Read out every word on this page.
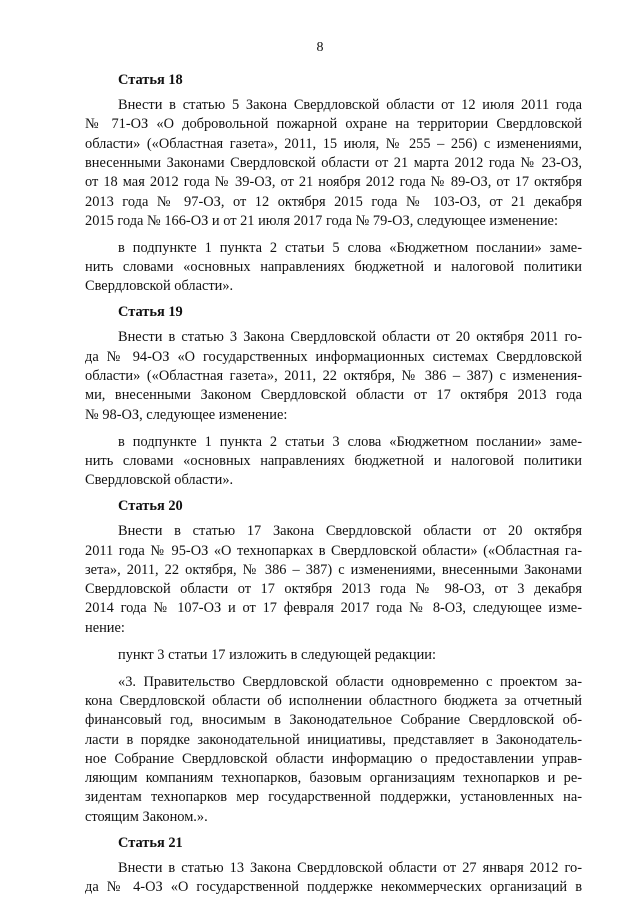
8
Статья 18
Внести в статью 5 Закона Свердловской области от 12 июля 2011 года
№ 71-ОЗ «О добровольной пожарной охране на территории Свердловской
области» («Областная газета», 2011, 15 июля, № 255 – 256) с изменениями,
внесенными Законами Свердловской области от 21 марта 2012 года № 23-ОЗ,
от 18 мая 2012 года № 39-ОЗ, от 21 ноября 2012 года № 89-ОЗ, от 17 октября
2013 года № 97-ОЗ, от 12 октября 2015 года № 103-ОЗ, от 21 декабря
2015 года № 166-ОЗ и от 21 июля 2017 года № 79-ОЗ, следующее изменение:
в подпункте 1 пункта 2 статьи 5 слова «Бюджетном послании» заме-
нить словами «основных направлениях бюджетной и налоговой политики
Свердловской области».
Статья 19
Внести в статью 3 Закона Свердловской области от 20 октября 2011 го-
да № 94-ОЗ «О государственных информационных системах Свердловской
области» («Областная газета», 2011, 22 октября, № 386 – 387) с изменения-
ми, внесенными Законом Свердловской области от 17 октября 2013 года
№ 98-ОЗ, следующее изменение:
в подпункте 1 пункта 2 статьи 3 слова «Бюджетном послании» заме-
нить словами «основных направлениях бюджетной и налоговой политики
Свердловской области».
Статья 20
Внести в статью 17 Закона Свердловской области от 20 октября
2011 года № 95-ОЗ «О технопарках в Свердловской области» («Областная га-
зета», 2011, 22 октября, № 386 – 387) с изменениями, внесенными Законами
Свердловской области от 17 октября 2013 года № 98-ОЗ, от 3 декабря
2014 года № 107-ОЗ и от 17 февраля 2017 года № 8-ОЗ, следующее изме-
нение:
пункт 3 статьи 17 изложить в следующей редакции:
«3. Правительство Свердловской области одновременно с проектом за-
кона Свердловской области об исполнении областного бюджета за отчетный
финансовый год, вносимым в Законодательное Собрание Свердловской об-
ласти в порядке законодательной инициативы, представляет в Законодатель-
ное Собрание Свердловской области информацию о предоставлении управ-
ляющим компаниям технопарков, базовым организациям технопарков и ре-
зидентам технопарков мер государственной поддержки, установленных на-
стоящим Законом.».
Статья 21
Внести в статью 13 Закона Свердловской области от 27 января 2012 го-
да № 4-ОЗ «О государственной поддержке некоммерческих организаций в
